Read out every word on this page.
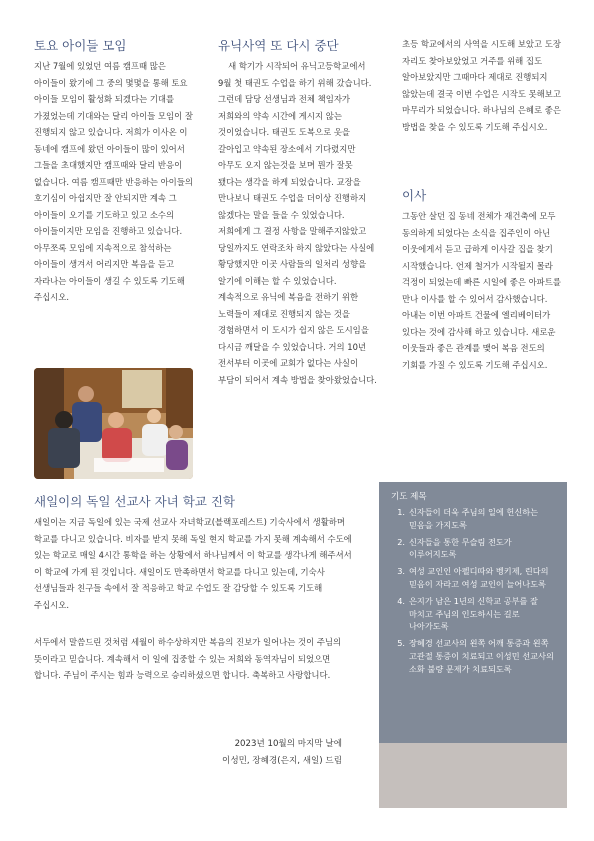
토요 아이들 모임

지난 7월에 있었던 여름 캠프때 많은 아이들이 왔기에 그 중의 몇몇을 통해 토요 아이들 모임이 활성화 되겠다는 기대를 가졌었는데 기대와는 달리 아이들 모임이 잘 진행되지 않고 있습니다. 저희가 이사온 이 동네에 캠프에 왔던 아이들이 많이 있어서 그들을 초대했지만 캠프때와 달리 반응이 없습니다. 여름 캠프때만 반응하는 아이들의 호기심이 아쉽지만 잘 안되지만 계속 그 아이들이 오기를 기도하고 있고 소수의 아이들이지만 모임을 진행하고 있습니다. 아무쪼록 모임에 지속적으로 참석하는 아이들이 생겨서 어리지만 복음을 듣고 자라나는 아이들이 생길 수 있도록 기도해 주십시오.

유닉사역 또 다시 중단

새 학기가 시작되어 유닉고등학교에서 9월 첫 태권도 수업을 하기 위해 갔습니다. 그런데 담당 선생님과 전체 책임자가 저희와의 약속 시간에 게시지 않는 것이었습니다. 태권도 도복으로 옷을 갈아입고 약속된 장소에서 기다렸지만 아무도 오지 않는것을 보며 뭔가 잘못 됐다는 생각을 하게 되었습니다. 교장을 만나보니 태권도 수업을 더이상 진행하지 않겠다는 말을 들을 수 있었습니다. 저희에게 그 결정 사항을 말해주지않았고 당일까지도 연락조차 하지 않았다는 사실에 황당했지만 이곳 사람들의 일처리 성향을 알기에 이해는 할 수 있었습니다. 계속적으로 유닉에 복음을 전하기 위한 노력들이 제대로 진행되지 않는 것을 경험하면서 이 도시가 쉽지 않은 도시임을 다시금 깨달을 수 있었습니다. 거의 10년 전서부터 이곳에 교회가 없다는 사실이 부담이 되어서 계속 방법을 찾아왔었습니다.

초등 학교에서의 사역을 시도해 보았고 도장 자리도 찾아보았었고 거주를 위해 집도 알아보았지만 그때마다 제대로 진행되지 않았는데 결국 이번 수업은 시작도 못해보고 마무리가 되었습니다. 하나님의 은혜로 좋은 방법을 찾을 수 있도록 기도해 주십시오.

이사

그동안 살던 집 동네 전체가 재건축에 모두 동의하게 되었다는 소식을 집주인이 아닌 이웃에게서 듣고 급하게 이사갈 집을 찾기 시작했습니다. 언제 철거가 시작될지 몰라 걱정이 되었는데 빠른 시일에 좋은 아파트를 만나 이사를 할 수 있어서 감사했습니다. 아내는 이번 아파트 건물에 엘리베이터가 있다는 것에 감사해 하고 있습니다. 새로운 이웃들과 좋은 관계를 맺어 복음 전도의 기회를 가질 수 있도록 기도해 주십시오.

새일이의 독일 선교사 자녀 학교 진학

새일이는 지금 독일에 있는 국제 선교사 자녀학교(블랙포레스트) 기숙사에서 생활하며 학교를 다니고 있습니다. 비자를 받지 못해 독일 현지 학교를 가지 못해 계속해서 수도에 있는 학교로 매일 4시간 통학을 하는 상황에서 하나님께서 이 학교를 생각나게 해주셔서 이 학교에 가게 된 것입니다. 새일이도 만족하면서 학교를 다니고 있는데, 기숙사 선생님들과 친구들 속에서 잘 적응하고 학교 수업도 잘 감당할 수 있도록 기도해 주십시오.

서두에서 말씀드린 것처럼 세월이 하수상하지만 복음의 진보가 일어나는 것이 주님의 뜻이라고 믿습니다. 계속해서 이 일에 집중할 수 있는 저희와 동역자님이 되었으면 합니다. 주님이 주시는 힘과 능력으로 승리하셨으면 합니다. 축복하고 사랑합니다.

2023년 10월의 마지막 날에

이성민, 장혜경(은지, 새일) 드림

기도 제목

1. 신자들이 더욱 주님의 일에 헌신하는 믿음을 가지도록
2. 신자들을 통한 무슬림 전도가 이루어지도록
3. 여성 교인인 아펠디따와 벵키제, 린다의 믿음이 자라고 여성 교인이 늘어나도록
4. 은지가 남은 1년의 신학교 공부를 잘 마치고 주님의 인도하시는 길로 나아가도록
5. 장혜경 선교사의 왼쪽 어깨 통증과 왼쪽 고관절 통증이 치료되고 이성민 선교사의 소화 불량 문제가 치료되도록
